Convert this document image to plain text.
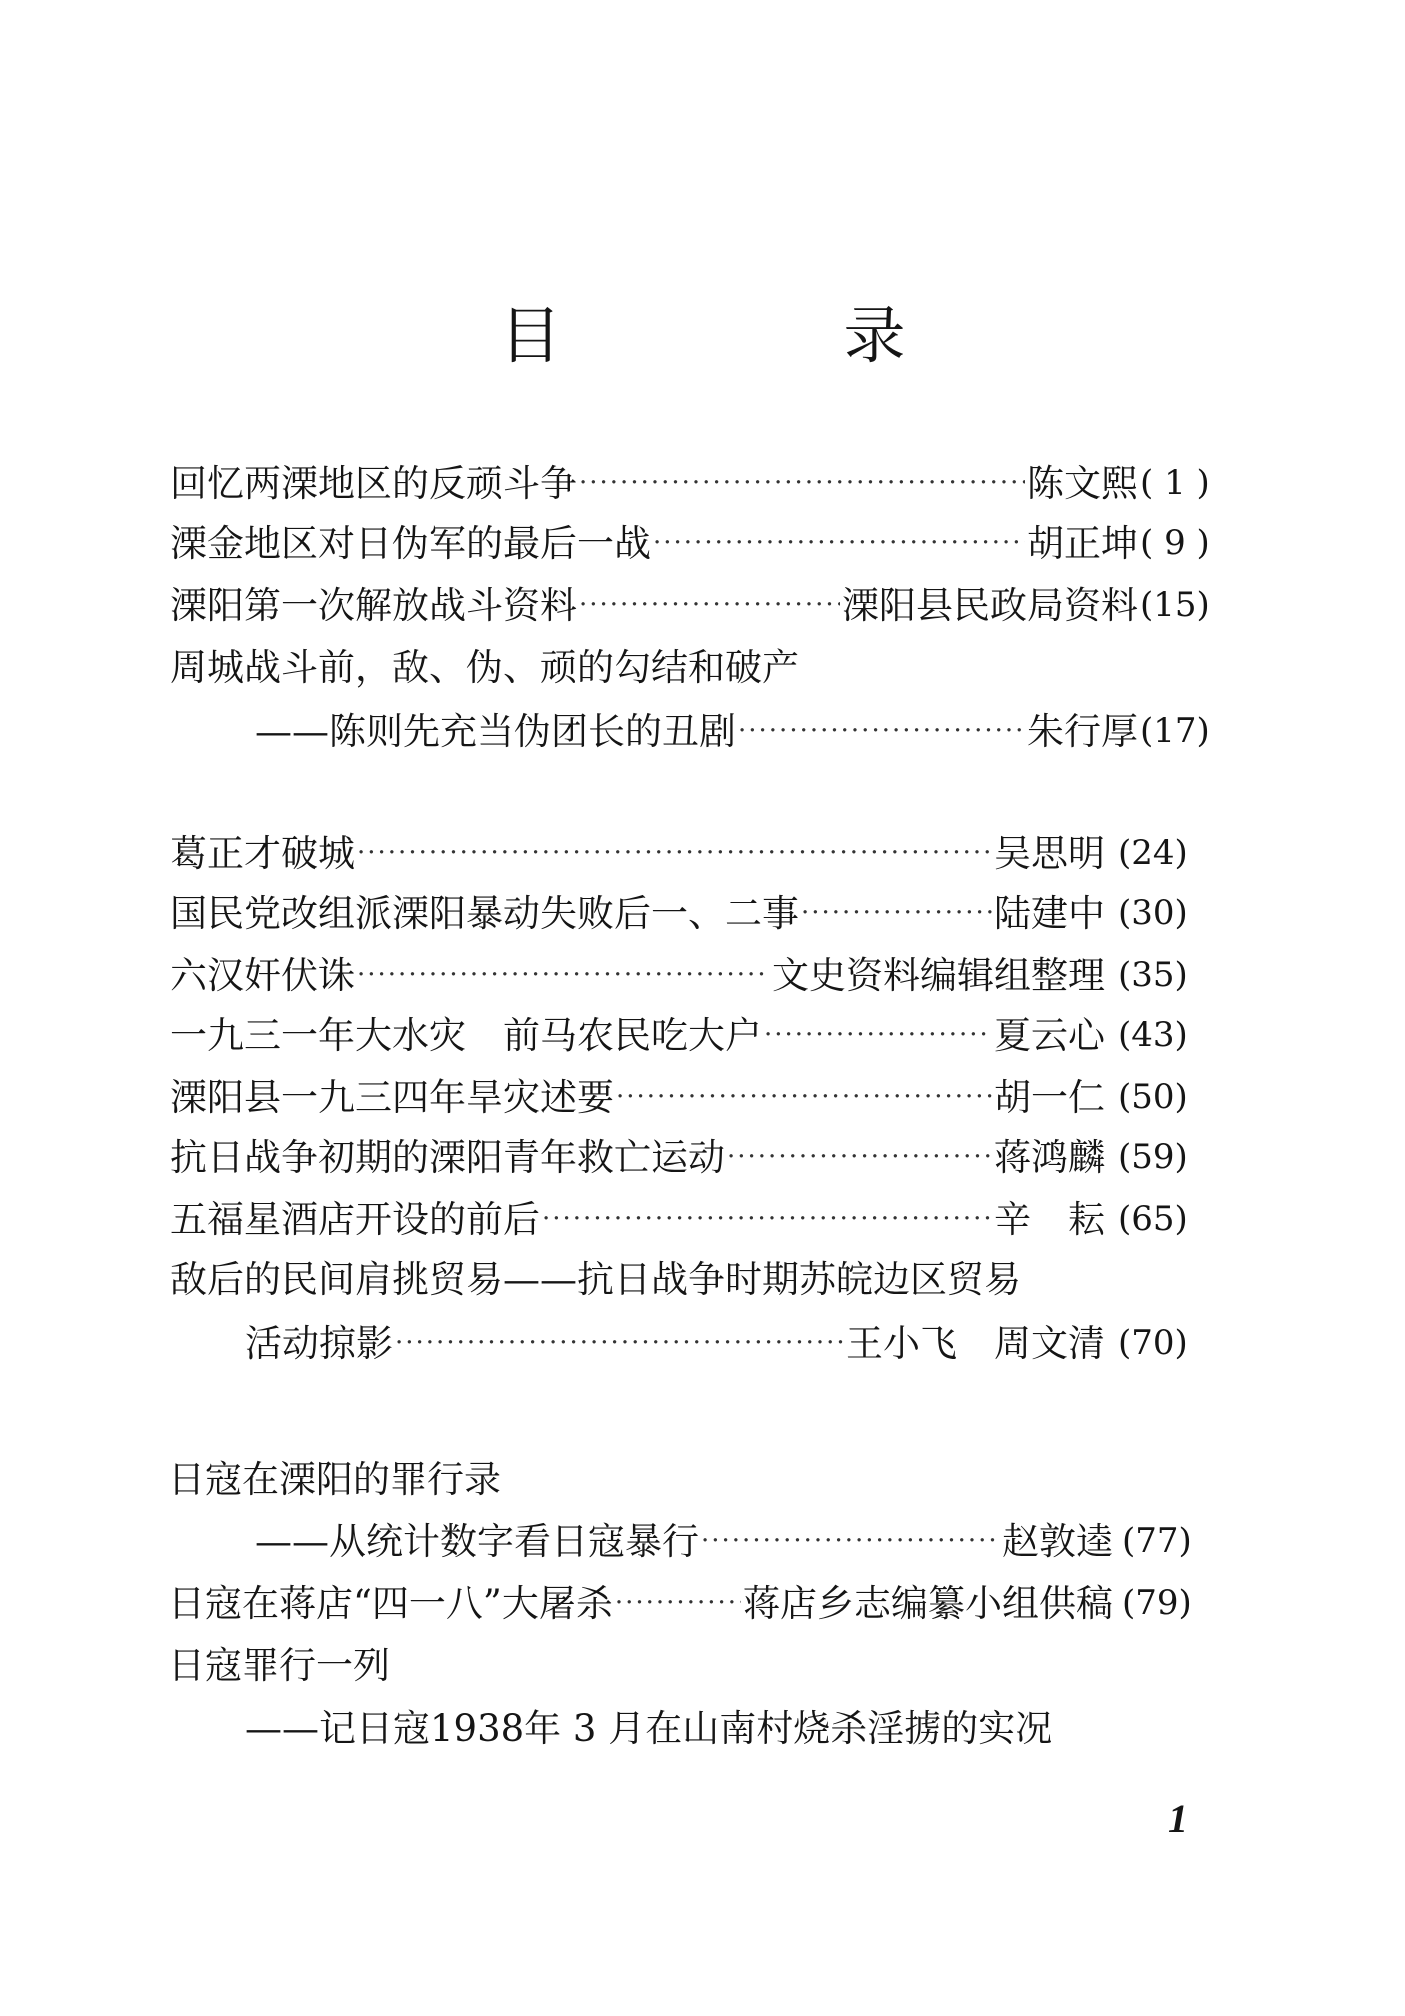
目　录
回忆两溧地区的反顽斗争 ·····	陈文熙 ( 1 )
溧金地区对日伪军的最后一战 ·····	胡正坤 ( 9 )
溧阳第一次解放战斗资料 ·····	溧阳县民政局资料 (15)
周城战斗前，敌、伪、顽的勾结和破产
——陈则先充当伪团长的丑剧 ·····	朱行厚 (17)
葛正才破城 ·····	吴思明 (24)
国民党改组派溧阳暴动失败后一、二事 ·····	陆建中 (30)
六汉奸伏诛 ·····	文史资料编辑组整理 (35)
一九三一年大水灾　前马农民吃大户 ·····	夏云心 (43)
溧阳县一九三四年旱灾述要 ·····	胡一仁 (50)
抗日战争初期的溧阳青年救亡运动 ·····	蒋鸿麟 (59)
五福星酒店开设的前后 ·····	辛　耘 (65)
敌后的民间肩挑贸易——抗日战争时期苏皖边区贸易
活动掠影 ·····	王小飞　周文清 (70)
日寇在溧阳的罪行录
——从统计数字看日寇暴行 ·····	赵敦逵 (77)
日寇在蒋店“四一八”大屠杀 ·····	蒋店乡志编纂小组供稿 (79)
日寇罪行一列
——记日寇1938年 3 月在山南村烧杀淫掳的实况
1
